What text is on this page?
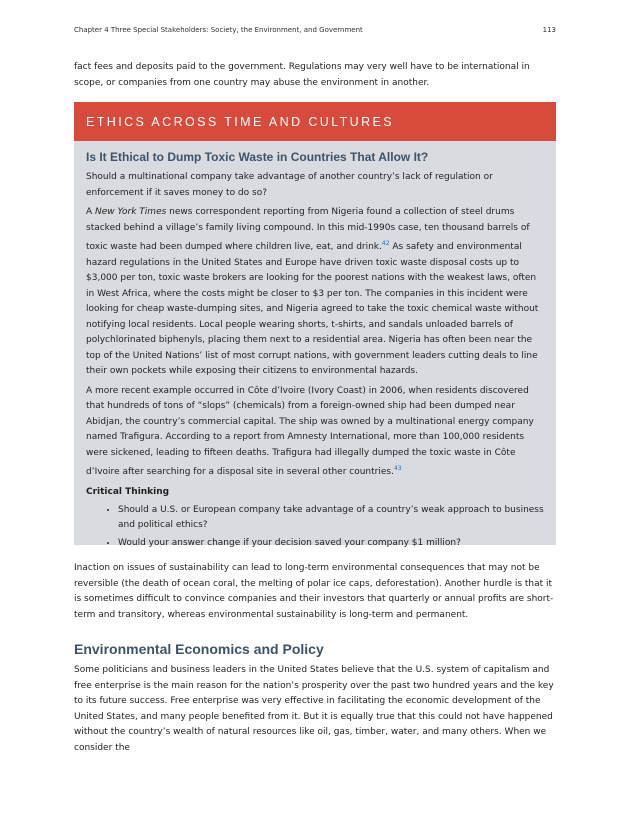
Chapter 4 Three Special Stakeholders: Society, the Environment, and Government	113

fact fees and deposits paid to the government. Regulations may very well have to be international in scope, or companies from one country may abuse the environment in another.

ETHICS ACROSS TIME AND CULTURES
Is It Ethical to Dump Toxic Waste in Countries That Allow It?

Should a multinational company take advantage of another country’s lack of regulation or enforcement if it saves money to do so?

A New York Times news correspondent reporting from Nigeria found a collection of steel drums stacked behind a village’s family living compound. In this mid-1990s case, ten thousand barrels of toxic waste had been dumped where children live, eat, and drink.$^{42}$ As safety and environmental hazard regulations in the United States and Europe have driven toxic waste disposal costs up to $3,000 per ton, toxic waste brokers are looking for the poorest nations with the weakest laws, often in West Africa, where the costs might be closer to $3 per ton. The companies in this incident were looking for cheap waste-dumping sites, and Nigeria agreed to take the toxic chemical waste without notifying local residents. Local people wearing shorts, t-shirts, and sandals unloaded barrels of polychlorinated biphenyls, placing them next to a residential area. Nigeria has often been near the top of the United Nations’ list of most corrupt nations, with government leaders cutting deals to line their own pockets while exposing their citizens to environmental hazards.

A more recent example occurred in Côte d’Ivoire (Ivory Coast) in 2006, when residents discovered that hundreds of tons of “slops” (chemicals) from a foreign-owned ship had been dumped near Abidjan, the country’s commercial capital. The ship was owned by a multinational energy company named Trafigura. According to a report from Amnesty International, more than 100,000 residents were sickened, leading to fifteen deaths. Trafigura had illegally dumped the toxic waste in Côte d’Ivoire after searching for a disposal site in several other countries.$^{43}$

Critical Thinking
• Should a U.S. or European company take advantage of a country’s weak approach to business and political ethics?
• Would your answer change if your decision saved your company $1 million?

Inaction on issues of sustainability can lead to long-term environmental consequences that may not be reversible (the death of ocean coral, the melting of polar ice caps, deforestation). Another hurdle is that it is sometimes difficult to convince companies and their investors that quarterly or annual profits are short-term and transitory, whereas environmental sustainability is long-term and permanent.

Environmental Economics and Policy

Some politicians and business leaders in the United States believe that the U.S. system of capitalism and free enterprise is the main reason for the nation’s prosperity over the past two hundred years and the key to its future success. Free enterprise was very effective in facilitating the economic development of the United States, and many people benefited from it. But it is equally true that this could not have happened without the country’s wealth of natural resources like oil, gas, timber, water, and many others. When we consider the
